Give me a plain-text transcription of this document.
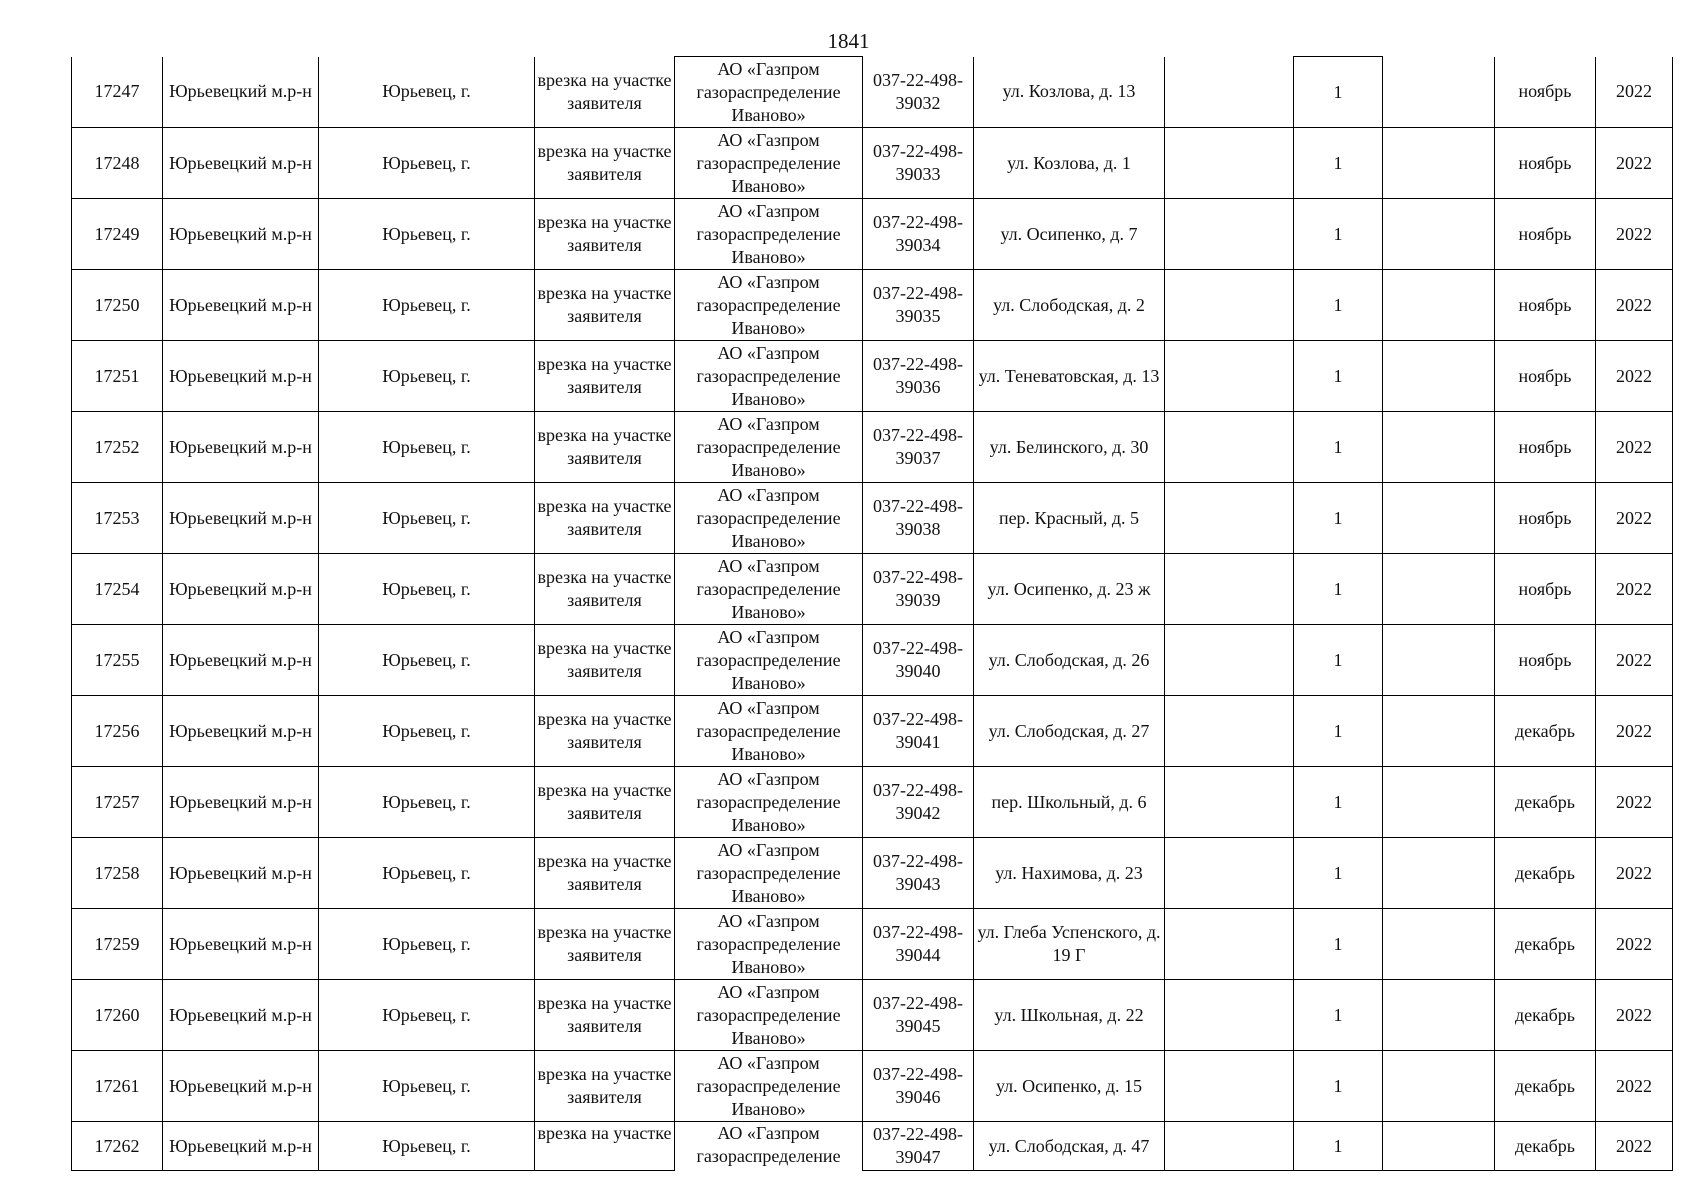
1841
17247	Юрьевецкий м.р-н	Юрьевец, г.	врезка на участке заявителя	АО «Газпром газораспределение Иваново»	037-22-498-39032	ул. Козлова, д. 13		1		ноябрь	2022

17248	Юрьевецкий м.р-н	Юрьевец, г.	врезка на участке заявителя	АО «Газпром газораспределение Иваново»	037-22-498-39033	ул. Козлова, д. 1		1		ноябрь	2022

17249	Юрьевецкий м.р-н	Юрьевец, г.	врезка на участке заявителя	АО «Газпром газораспределение Иваново»	037-22-498-39034	ул. Осипенко, д. 7		1		ноябрь	2022

17250	Юрьевецкий м.р-н	Юрьевец, г.	врезка на участке заявителя	АО «Газпром газораспределение Иваново»	037-22-498-39035	ул. Слободская, д. 2		1		ноябрь	2022

17251	Юрьевецкий м.р-н	Юрьевец, г.	врезка на участке заявителя	АО «Газпром газораспределение Иваново»	037-22-498-39036	ул. Теневатовская, д. 13		1		ноябрь	2022

17252	Юрьевецкий м.р-н	Юрьевец, г.	врезка на участке заявителя	АО «Газпром газораспределение Иваново»	037-22-498-39037	ул. Белинского, д. 30		1		ноябрь	2022

17253	Юрьевецкий м.р-н	Юрьевец, г.	врезка на участке заявителя	АО «Газпром газораспределение Иваново»	037-22-498-39038	пер. Красный, д. 5		1		ноябрь	2022

17254	Юрьевецкий м.р-н	Юрьевец, г.	врезка на участке заявителя	АО «Газпром газораспределение Иваново»	037-22-498-39039	ул. Осипенко, д. 23 ж		1		ноябрь	2022

17255	Юрьевецкий м.р-н	Юрьевец, г.	врезка на участке заявителя	АО «Газпром газораспределение Иваново»	037-22-498-39040	ул. Слободская, д. 26		1		ноябрь	2022

17256	Юрьевецкий м.р-н	Юрьевец, г.	врезка на участке заявителя	АО «Газпром газораспределение Иваново»	037-22-498-39041	ул. Слободская, д. 27		1		декабрь	2022

17257	Юрьевецкий м.р-н	Юрьевец, г.	врезка на участке заявителя	АО «Газпром газораспределение Иваново»	037-22-498-39042	пер. Школьный, д. 6		1		декабрь	2022

17258	Юрьевецкий м.р-н	Юрьевец, г.	врезка на участке заявителя	АО «Газпром газораспределение Иваново»	037-22-498-39043	ул. Нахимова, д. 23		1		декабрь	2022

17259	Юрьевецкий м.р-н	Юрьевец, г.	врезка на участке заявителя	АО «Газпром газораспределение Иваново»	037-22-498-39044	ул. Глеба Успенского, д. 19 Г		1		декабрь	2022

17260	Юрьевецкий м.р-н	Юрьевец, г.	врезка на участке заявителя	АО «Газпром газораспределение Иваново»	037-22-498-39045	ул. Школьная, д. 22		1		декабрь	2022

17261	Юрьевецкий м.р-н	Юрьевец, г.	врезка на участке заявителя	АО «Газпром газораспределение Иваново»	037-22-498-39046	ул. Осипенко, д. 15		1		декабрь	2022

17262	Юрьевецкий м.р-н	Юрьевец, г.	врезка на участке	АО «Газпром газораспределение	037-22-498-39047	ул. Слободская, д. 47		1		декабрь	2022
